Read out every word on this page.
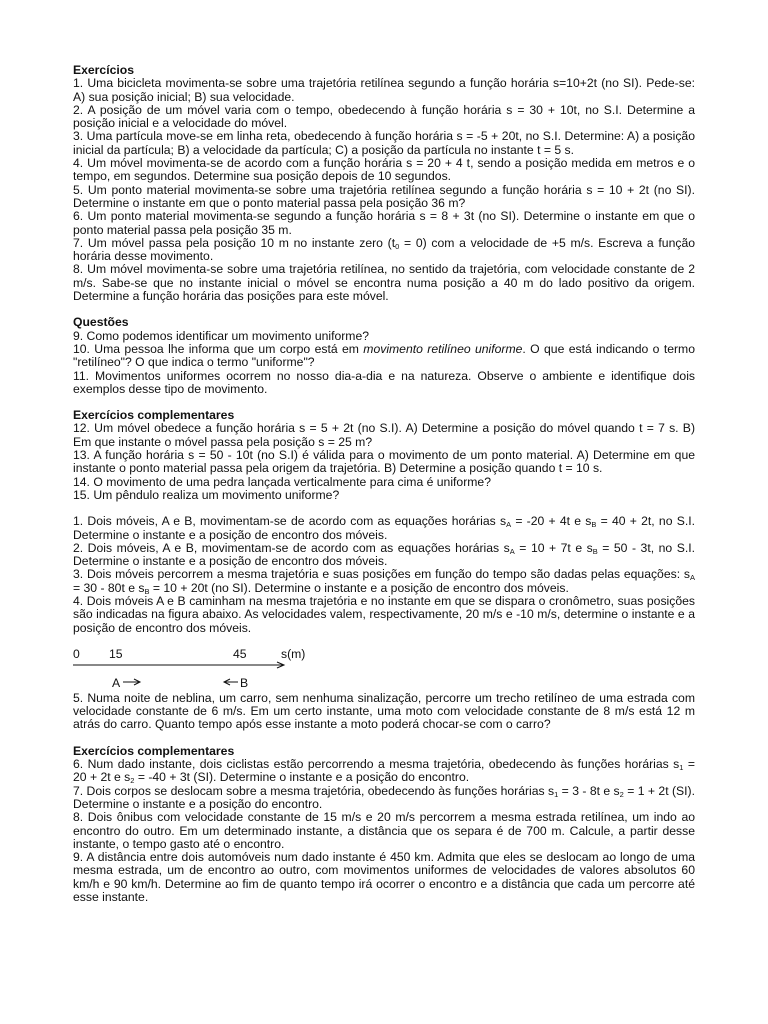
Exercícios

1. Uma bicicleta movimenta-se sobre uma trajetória retilínea segundo a função horária s=10+2t (no SI). Pede-se: A) sua posição inicial; B) sua velocidade.

2. A posição de um móvel varia com o tempo, obedecendo à função horária s = 30 + 10t, no S.I. Determine a posição inicial e a velocidade do móvel.

3. Uma partícula move-se em linha reta, obedecendo à função horária s = -5 + 20t, no S.I. Determine: A) a posição inicial da partícula; B) a velocidade da partícula; C) a posição da partícula no instante t = 5 s.

4. Um móvel movimenta-se de acordo com a função horária s = 20 + 4 t, sendo a posição medida em metros e o tempo, em segundos. Determine sua posição depois de 10 segundos.

5. Um ponto material movimenta-se sobre uma trajetória retilínea segundo a função horária s = 10 + 2t (no SI). Determine o instante em que o ponto material passa pela posição 36 m?

6. Um ponto material movimenta-se segundo a função horária s = 8 + 3t (no SI). Determine o instante em que o ponto material passa pela posição 35 m.

7. Um móvel passa pela posição 10 m no instante zero $(t_0 = 0)$ com a velocidade de +5 m/s. Escreva a função horária desse movimento.

8. Um móvel movimenta-se sobre uma trajetória retilínea, no sentido da trajetória, com velocidade constante de 2 m/s. Sabe-se que no instante inicial o móvel se encontra numa posição a 40 m do lado positivo da origem. Determine a função horária das posições para este móvel.

Questões

9. Como podemos identificar um movimento uniforme?

10. Uma pessoa lhe informa que um corpo está em movimento retilíneo uniforme. O que está indicando o termo "retilíneo"? O que indica o termo "uniforme"?

11. Movimentos uniformes ocorrem no nosso dia-a-dia e na natureza. Observe o ambiente e identifique dois exemplos desse tipo de movimento.

Exercícios complementares

12. Um móvel obedece a função horária s = 5 + 2t (no S.I). A) Determine a posição do móvel quando t = 7 s. B) Em que instante o móvel passa pela posição s = 25 m?

13. A função horária s = 50 - 10t (no S.I) é válida para o movimento de um ponto material. A) Determine em que instante o ponto material passa pela origem da trajetória. B) Determine a posição quando t = 10 s.

14. O movimento de uma pedra lançada verticalmente para cima é uniforme?

15. Um pêndulo realiza um movimento uniforme?

1. Dois móveis, A e B, movimentam-se de acordo com as equações horárias $s_A = -20 + 4t$ e $s_B = 40 + 2t$, no S.I. Determine o instante e a posição de encontro dos móveis.

2. Dois móveis, A e B, movimentam-se de acordo com as equações horárias $s_A = 10 + 7t$ e $s_B = 50 - 3t$, no S.I. Determine o instante e a posição de encontro dos móveis.

3. Dois móveis percorrem a mesma trajetória e suas posições em função do tempo são dadas pelas equações: $s_A = 30 - 80t$ e $s_B = 10 + 20t$ (no SI). Determine o instante e a posição de encontro dos móveis.

4. Dois móveis A e B caminham na mesma trajetória e no instante em que se dispara o cronômetro, suas posições são indicadas na figura abaixo. As velocidades valem, respectivamente, 20 m/s e -10 m/s, determine o instante e a posição de encontro dos móveis.

0 15	45	s(m)
A	B

5. Numa noite de neblina, um carro, sem nenhuma sinalização, percorre um trecho retilíneo de uma estrada com velocidade constante de 6 m/s. Em um certo instante, uma moto com velocidade constante de 8 m/s está 12 m atrás do carro. Quanto tempo após esse instante a moto poderá chocar-se com o carro?

Exercícios complementares

6. Num dado instante, dois ciclistas estão percorrendo a mesma trajetória, obedecendo às funções horárias $s_1 = 20 + 2t$ e $s_2 = -40 + 3t$ (SI). Determine o instante e a posição do encontro.

7. Dois corpos se deslocam sobre a mesma trajetória, obedecendo às funções horárias $s_1 = 3 - 8t$ e $s_2 = 1 + 2t$ (SI). Determine o instante e a posição do encontro.

8. Dois ônibus com velocidade constante de 15 m/s e 20 m/s percorrem a mesma estrada retilínea, um indo ao encontro do outro. Em um determinado instante, a distância que os separa é de 700 m. Calcule, a partir desse instante, o tempo gasto até o encontro.

9. A distância entre dois automóveis num dado instante é 450 km. Admita que eles se deslocam ao longo de uma mesma estrada, um de encontro ao outro, com movimentos uniformes de velocidades de valores absolutos 60 km/h e 90 km/h. Determine ao fim de quanto tempo irá ocorrer o encontro e a distância que cada um percorre até esse instante.
